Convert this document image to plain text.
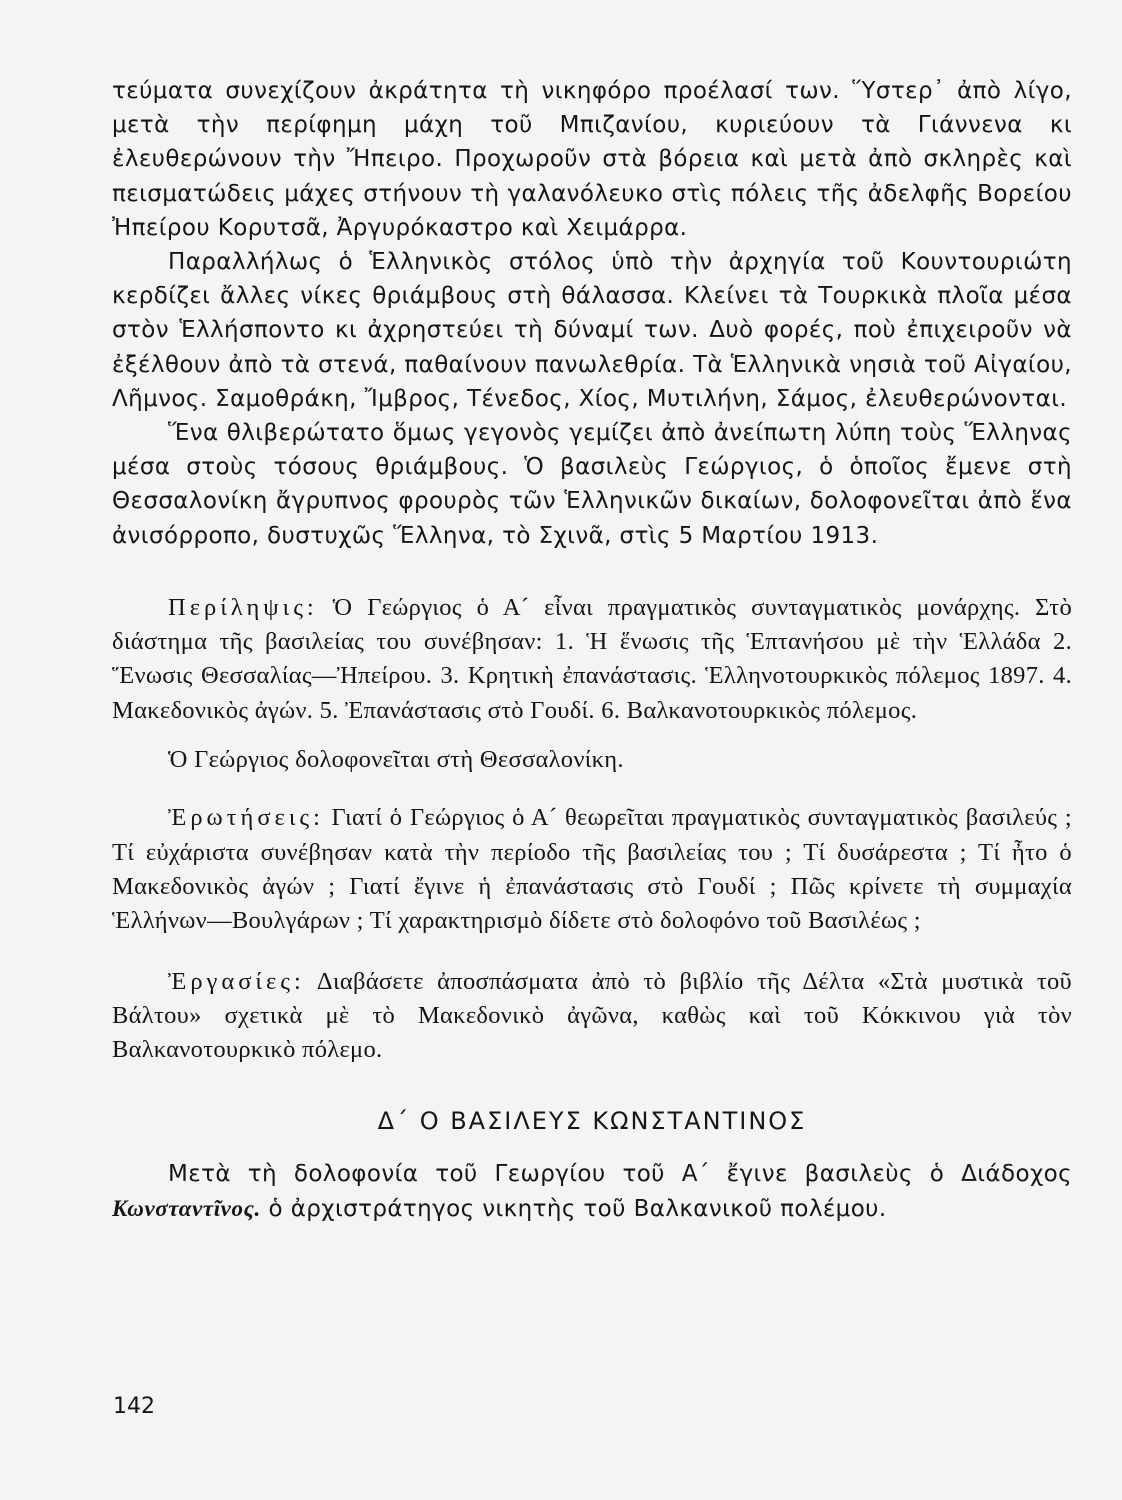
τεύματα συνεχίζουν ἀκράτητα τὴ νικηφόρο προέλασί των. Ὕστερ᾽ ἀπὸ λίγο, μετὰ τὴν περίφημη μάχη τοῦ Μπιζανίου, κυριεύουν τὰ Γιάννενα κι ἐλευθερώνουν τὴν Ἤπειρο. Προχωροῦν στὰ βόρεια καὶ μετὰ ἀπὸ σκληρὲς καὶ πεισματώδεις μάχες στήνουν τὴ γαλανόλευκο στὶς πόλεις τῆς ἀδελφῆς Βορείου Ἠπείρου Κορυτσᾶ, Ἀργυρόκαστρο καὶ Χειμάρρα.

Παραλλήλως ὁ Ἑλληνικὸς στόλος ὑπὸ τὴν ἀρχηγία τοῦ Κουντουριώτη κερδίζει ἄλλες νίκες θριάμβους στὴ θάλασσα. Κλείνει τὰ Τουρκικὰ πλοῖα μέσα στὸν Ἑλλήσποντο κι ἀχρηστεύει τὴ δύναμί των. Δυὸ φορές, ποὺ ἐπιχειροῦν νὰ ἐξέλθουν ἀπὸ τὰ στενά, παθαίνουν πανωλεθρία. Τὰ Ἑλληνικὰ νησιὰ τοῦ Αἰγαίου, Λῆμνος. Σαμοθράκη, Ἴμβρος, Τένεδος, Χίος, Μυτιλήνη, Σάμος, ἐλευθερώνονται.

Ἕνα θλιβερώτατο ὅμως γεγονὸς γεμίζει ἀπὸ ἀνείπωτη λύπη τοὺς Ἕλληνας μέσα στοὺς τόσους θριάμβους. Ὁ βασιλεὺς Γεώργιος, ὁ ὁποῖος ἔμενε στὴ Θεσσαλονίκη ἄγρυπνος φρουρὸς τῶν Ἑλληνικῶν δικαίων, δολοφονεῖται ἀπὸ ἕνα ἀνισόρροπο, δυστυχῶς Ἕλληνα, τὸ Σχινᾶ, στὶς 5 Μαρτίου 1913.

Περίληψις: Ὁ Γεώργιος ὁ Α´ εἶναι πραγματικὸς συνταγματικὸς μονάρχης. Στὸ διάστημα τῆς βασιλείας του συνέβησαν: 1. Ἡ ἕνωσις τῆς Ἑπτανήσου μὲ τὴν Ἑλλάδα 2. Ἕνωσις Θεσσαλίας—Ἠπείρου. 3. Κρητικὴ ἐπανάστασις. Ἑλληνοτουρκικὸς πόλεμος 1897. 4. Μακεδονικὸς ἀγών. 5. Ἐπανάστασις στὸ Γουδί. 6. Βαλκανοτουρκικὸς πόλεμος.

Ὁ Γεώργιος δολοφονεῖται στὴ Θεσσαλονίκη.

Ἐρωτήσεις: Γιατί ὁ Γεώργιος ὁ Α´ θεωρεῖται πραγματικὸς συνταγματικὸς βασιλεύς ; Τί εὐχάριστα συνέβησαν κατὰ τὴν περίοδο τῆς βασιλείας του ; Τί δυσάρεστα ; Τί ἦτο ὁ Μακεδονικὸς ἀγών ; Γιατί ἔγινε ἡ ἐπανάστασις στὸ Γουδί ; Πῶς κρίνετε τὴ συμμαχία Ἑλλήνων—Βουλγάρων ; Τί χαρακτηρισμὸ δίδετε στὸ δολοφόνο τοῦ Βασιλέως ;

Ἐργασίες: Διαβάσετε ἀποσπάσματα ἀπὸ τὸ βιβλίο τῆς Δέλτα «Στὰ μυστικὰ τοῦ Βάλτου» σχετικὰ μὲ τὸ Μακεδονικὸ ἀγῶνα, καθὼς καὶ τοῦ Κόκκινου γιὰ τὸν Βαλκανοτουρκικὸ πόλεμο.

Δ´ Ο ΒΑΣΙΛΕΥΣ ΚΩΝΣΤΑΝΤΙΝΟΣ

Μετὰ τὴ δολοφονία τοῦ Γεωργίου τοῦ Α´ ἔγινε βασιλεὺς ὁ Διάδοχος Κωνσταντῖνος. ὁ ἀρχιστράτηγος νικητὴς τοῦ Βαλκανικοῦ πολέμου.

142
